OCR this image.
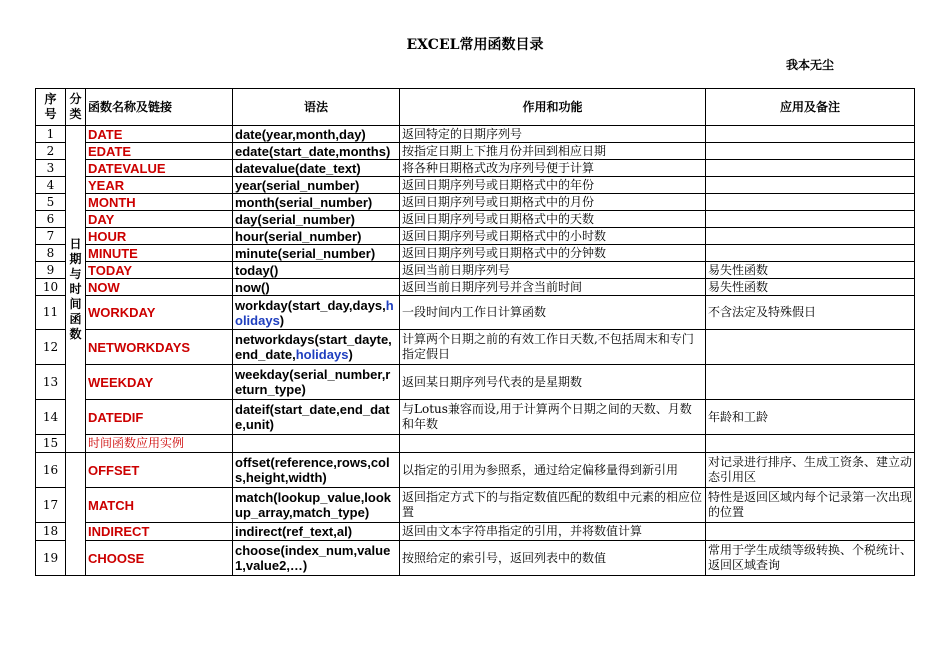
EXCEL常用函数目录
我本无尘
序号	分类	函数名称及链接	语法	作用和功能	应用及备注
1	日期与时间函数	DATE	date(year,month,day)	返回特定的日期序列号	
2		EDATE	edate(start_date,months)	按指定日期上下推月份并回到相应日期	
3		DATEVALUE	datevalue(date_text)	将各种日期格式改为序列号便于计算	
4		YEAR	year(serial_number)	返回日期序列号或日期格式中的年份	
5		MONTH	month(serial_number)	返回日期序列号或日期格式中的月份	
6		DAY	day(serial_number)	返回日期序列号或日期格式中的天数	
7		HOUR	hour(serial_number)	返回日期序列号或日期格式中的小时数	
8		MINUTE	minute(serial_number)	返回日期序列号或日期格式中的分钟数	
9		TODAY	today()	返回当前日期序列号	易失性函数
10		NOW	now()	返回当前日期序列号并含当前时间	易失性函数
11		WORKDAY	workday(start_day,days,holidays)	一段时间内工作日计算函数	不含法定及特殊假日
12		NETWORKDAYS	networkdays(start_dayte,end_date,holidays)	计算两个日期之前的有效工作日天数,不包括周末和专门指定假日	
13		WEEKDAY	weekday(serial_number,return_type)	返回某日期序列号代表的是星期数	
14		DATEDIF	dateif(start_date,end_date,unit)	与Lotus兼容而设,用于计算两个日期之间的天数、月数和年数	年龄和工龄
15		时间函数应用实例			
16		OFFSET	offset(reference,rows,cols,height,width)	以指定的引用为参照系，通过给定偏移量得到新引用	对记录进行排序、生成工资条、建立动态引用区
17		MATCH	match(lookup_value,lookup_array,match_type)	返回指定方式下的与指定数值匹配的数组中元素的相应位置	特性是返回区域内每个记录第一次出现的位置
18		INDIRECT	indirect(ref_text,al)	返回由文本字符串指定的引用，并将数值计算	
19		CHOOSE	choose(index_num,value1,value2,…)	按照给定的索引号，返回列表中的数值	常用于学生成绩等级转换、个税统计、返回区域查询
